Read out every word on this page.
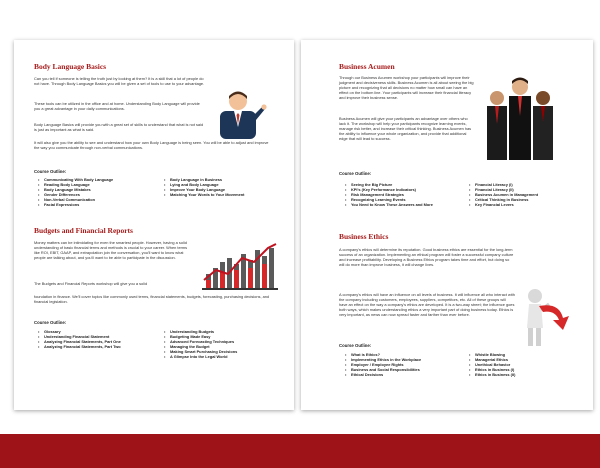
Body Language Basics

Can you tell if someone is telling the truth just by looking at them? It is a skill that a lot of people do not have. Through Body Language Basics you will be given a set of tools to use to your advantage.

These tools can be utilized in the office and at home. Understanding Body Language will provide you a great advantage in your daily communications.

Body Language Basics will provide you with a great set of skills to understand that what is not said is just as important as what is said.

It will also give you the ability to see and understand how your own Body Language is being seen. You will be able to adjust and improve the way you communicate through non-verbal communications.

Course Outline:
• Communicating With Body Language
• Reading Body Language
• Body Language Mistakes
• Gender Differences
• Non-Verbal Communication
• Facial Expressions
• Body Language in Business
• Lying and Body Language
• Improve Your Body Language
• Matching Your Words to Your Movement
Budgets and Financial Reports

Money matters can be intimidating for even the smartest people. However, having a solid understanding of basic financial terms and methods is crucial to your career. When terms like ROI, EBIT, GAAP, and extrapolation join the conversation, you'll want to know what people are talking about, and you'll want to be able to participate in the discussion.

The Budgets and Financial Reports workshop will give you a solid

foundation in finance. We'll cover topics like commonly used terms, financial statements, budgets, forecasting, purchasing decisions, and financial legislation.

Course Outline:
• Glossary
• Understanding Financial Statement
• Analyzing Financial Statements, Part One
• Analyzing Financial Statements, Part Two
• Understanding Budgets
• Budgeting Made Easy
• Advanced Forecasting Techniques
• Managing the Budget
• Making Smart Purchasing Decisions
• A Glimpse Into the Legal World
Business Acumen

Through our Business Acumen workshop your participants will improve their judgment and decisiveness skills. Business Acumen is all about seeing the big picture and recognizing that all decisions no matter how small can have an effect on the bottom line. Your participants will increase their financial literacy and improve their business sense.

Business Acumen will give your participants an advantage over others who lack it. The workshop will help your participants recognize learning events, manage risk better, and increase their critical thinking. Business Acumen has the ability to influence your whole organization, and provide that additional edge that will lead to success.

Course Outline:
• Seeing the Big Picture
• KPI's (Key Performance Indicators)
• Risk Management Strategies
• Recognizing Learning Events
• You Need to Know These Answers and More
• Financial Literacy (I)
• Financial Literacy (II)
• Business Acumen in Management
• Critical Thinking in Business
• Key Financial Levers
Business Ethics

A company's ethics will determine its reputation. Good business ethics are essential for the long-term success of an organization. Implementing an ethical program will foster a successful company culture and increase profitability. Developing a Business Ethics program takes time and effort, but doing so will do more than improve business, it will change lives.

A company's ethics will have an influence on all levels of business. It will influence all who interact with the company including customers, employees, suppliers, competitors, etc. All of these groups will have an effect on the way a company's ethics are developed. It is a two-way street; the influence goes both ways, which makes understanding ethics a very important part of doing business today. Ethics is very important, as news can now spread faster and farther than ever before.

Course Outline:
• What is Ethics?
• Implementing Ethics in the Workplace
• Employer / Employee Rights
• Business and Social Responsibilities
• Ethical Decisions
• Whistle Blowing
• Managerial Ethics
• Unethical Behavior
• Ethics in Business (I)
• Ethics in Business (II)
